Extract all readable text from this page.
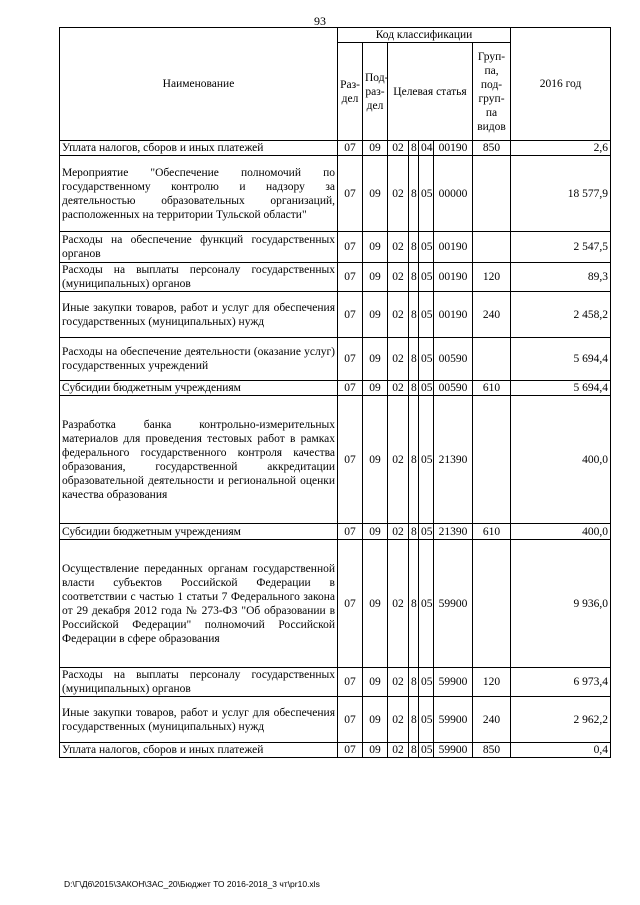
93
Наименование	Код классификации							2016 год
	Раз-дел	Под-раз-дел	Целевая статья				Груп-па, под-груп-па видов	
Уплата налогов, сборов и иных платежей	07	09	02	8	04	00190	850	2,6
Мероприятие "Обеспечение полномочий по государственному контролю и надзору за деятельностью образовательных организаций, расположенных на территории Тульской области"	07	09	02	8	05	00000		18 577,9
Расходы на обеспечение функций государственных органов	07	09	02	8	05	00190		2 547,5
Расходы на выплаты персоналу государственных (муниципальных) органов	07	09	02	8	05	00190	120	89,3
Иные закупки товаров, работ и услуг для обеспечения государственных (муниципальных) нужд	07	09	02	8	05	00190	240	2 458,2
Расходы на обеспечение деятельности (оказание услуг) государственных учреждений	07	09	02	8	05	00590		5 694,4
Субсидии бюджетным учреждениям	07	09	02	8	05	00590	610	5 694,4
Разработка банка контрольно-измерительных материалов для проведения тестовых работ в рамках федерального государственного контроля качества образования, государственной аккредитации образовательной деятельности и региональной оценки качества образования	07	09	02	8	05	21390		400,0
Субсидии бюджетным учреждениям	07	09	02	8	05	21390	610	400,0
Осуществление переданных органам государственной власти субъектов Российской Федерации в соответствии с частью 1 статьи 7 Федерального закона от 29 декабря 2012 года № 273-ФЗ "Об образовании в Российской Федерации" полномочий Российской Федерации в сфере образования	07	09	02	8	05	59900		9 936,0
Расходы на выплаты персоналу государственных (муниципальных) органов	07	09	02	8	05	59900	120	6 973,4
Иные закупки товаров, работ и услуг для обеспечения государственных (муниципальных) нужд	07	09	02	8	05	59900	240	2 962,2
Уплата налогов, сборов и иных платежей	07	09	02	8	05	59900	850	0,4
D:\Г\Д6\2015\ЗАКОН\ЗАС_20\Бюджет ТО 2016-2018_3 чт\pr10.xls
